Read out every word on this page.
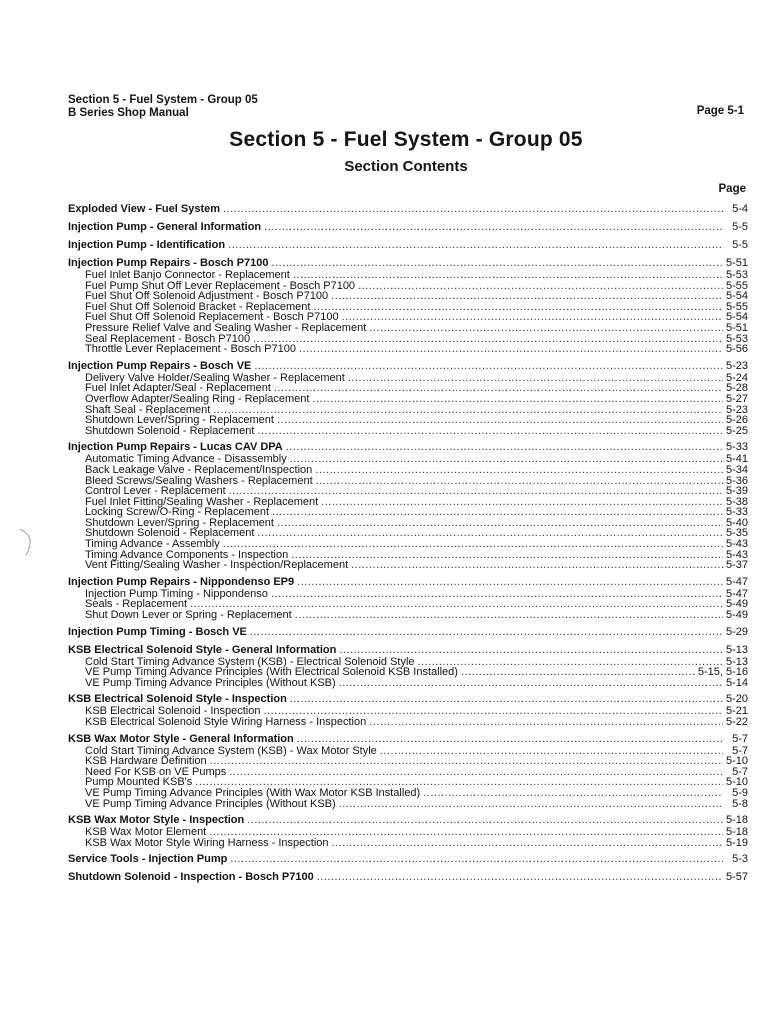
Section 5 - Fuel System - Group 05
B Series Shop Manual	Page 5-1
Section 5 - Fuel System - Group 05
Section Contents
Page
Exploded View - Fuel System .....	5-4
Injection Pump - General Information .....	5-5
Injection Pump - Identification .....	5-5
Injection Pump Repairs - Bosch P7100 .....	5-51
Fuel Inlet Banjo Connector - Replacement .....	5-53
Fuel Pump Shut Off Lever Replacement - Bosch P7100 .....	5-55
Fuel Shut Off Solenoid Adjustment - Bosch P7100 .....	5-54
Fuel Shut Off Solenoid Bracket - Replacement .....	5-55
Fuel Shut Off Solenoid Replacement - Bosch P7100 .....	5-54
Pressure Relief Valve and Sealing Washer - Replacement .....	5-51
Seal Replacement - Bosch P7100 .....	5-53
Throttle Lever Replacement - Bosch P7100 .....	5-56
Injection Pump Repairs - Bosch VE .....	5-23
Delivery Valve Holder/Sealing Washer - Replacement .....	5-24
Fuel Inlet Adapter/Seal - Replacement .....	5-28
Overflow Adapter/Sealing Ring - Replacement .....	5-27
Shaft Seal - Replacement .....	5-23
Shutdown Lever/Spring - Replacement .....	5-26
Shutdown Solenoid - Replacement .....	5-25
Injection Pump Repairs - Lucas CAV DPA .....	5-33
Automatic Timing Advance - Disassembly .....	5-41
Back Leakage Valve - Replacement/Inspection .....	5-34
Bleed Screws/Sealing Washers - Replacement .....	5-36
Control Lever - Replacement .....	5-39
Fuel Inlet Fitting/Sealing Washer - Replacement .....	5-38
Locking Screw/O-Ring - Replacement .....	5-33
Shutdown Lever/Spring - Replacement .....	5-40
Shutdown Solenoid - Replacement .....	5-35
Timing Advance - Assembly .....	5-43
Timing Advance Components - Inspection .....	5-43
Vent Fitting/Sealing Washer - Inspection/Replacement .....	5-37
Injection Pump Repairs - Nippondenso EP9 .....	5-47
Injection Pump Timing - Nippondenso .....	5-47
Seals - Replacement .....	5-49
Shut Down Lever or Spring - Replacement .....	5-49
Injection Pump Timing - Bosch VE .....	5-29
KSB Electrical Solenoid Style - General Information .....	5-13
Cold Start Timing Advance System (KSB) - Electrical Solenoid Style .....	5-13
VE Pump Timing Advance Principles (With Electrical Solenoid KSB Installed) .....	5-15, 5-16
VE Pump Timing Advance Principles (Without KSB) .....	5-14
KSB Electrical Solenoid Style - Inspection .....	5-20
KSB Electrical Solenoid - Inspection .....	5-21
KSB Electrical Solenoid Style Wiring Harness - Inspection .....	5-22
KSB Wax Motor Style - General Information .....	5-7
Cold Start Timing Advance System (KSB) - Wax Motor Style .....	5-7
KSB Hardware Definition .....	5-10
Need For KSB on VE Pumps .....	5-7
Pump Mounted KSB's .....	5-10
VE Pump Timing Advance Principles (With Wax Motor KSB Installed) .....	5-9
VE Pump Timing Advance Principles (Without KSB) .....	5-8
KSB Wax Motor Style - Inspection .....	5-18
KSB Wax Motor Element .....	5-18
KSB Wax Motor Style Wiring Harness - Inspection .....	5-19
Service Tools - Injection Pump .....	5-3
Shutdown Solenoid - Inspection - Bosch P7100 .....	5-57
